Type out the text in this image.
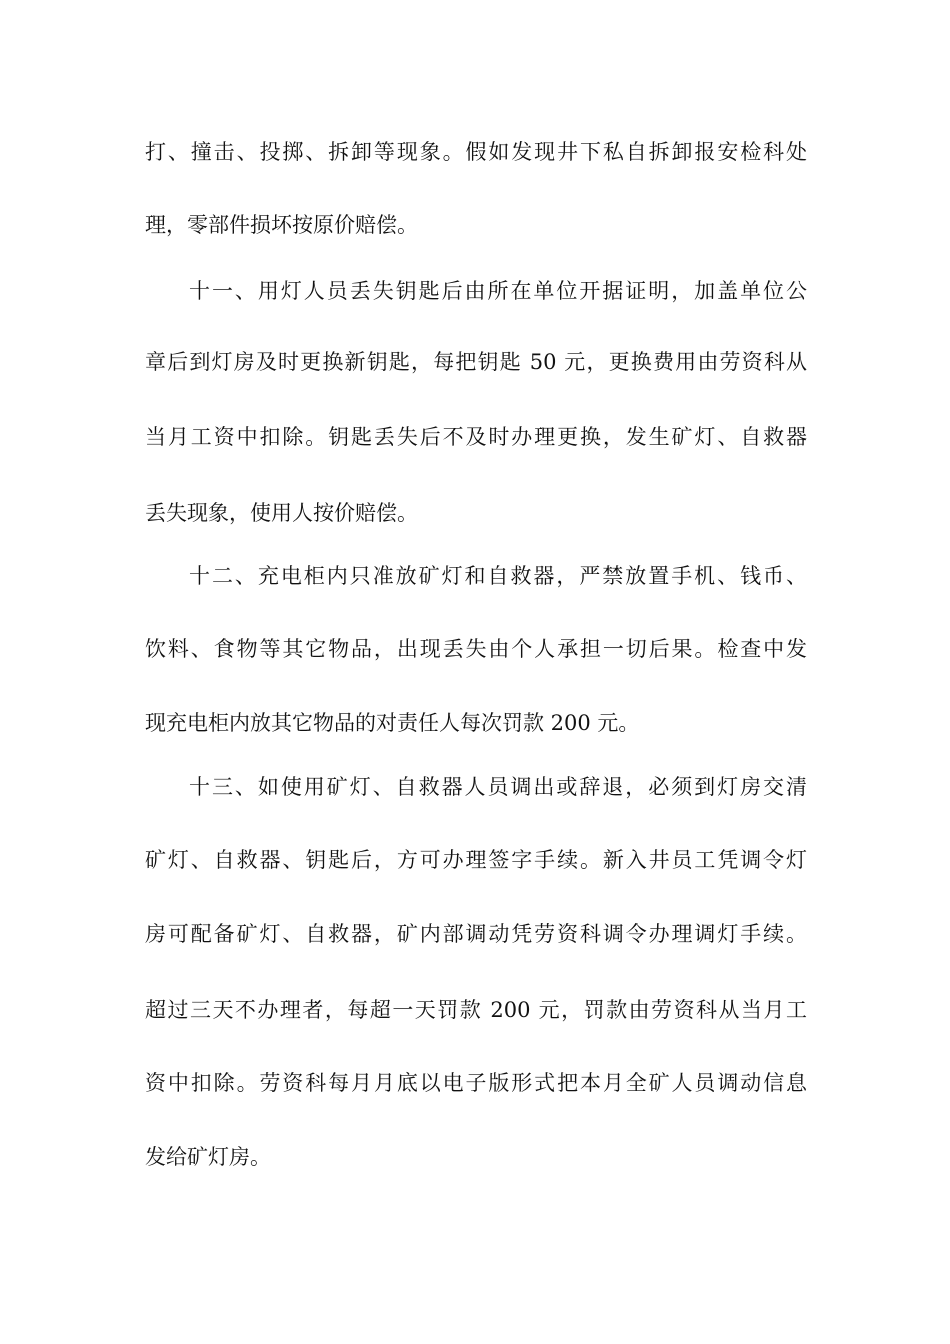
打、撞击、投掷、拆卸等现象。假如发现井下私自拆卸报安检科处
理，零部件损坏按原价赔偿。
十一、用灯人员丢失钥匙后由所在单位开据证明，加盖单位公
章后到灯房及时更换新钥匙，每把钥匙 50 元，更换费用由劳资科从
当月工资中扣除。钥匙丢失后不及时办理更换，发生矿灯、自救器
丢失现象，使用人按价赔偿。
十二、充电柜内只准放矿灯和自救器，严禁放置手机、钱币、
饮料、食物等其它物品，出现丢失由个人承担一切后果。检查中发
现充电柜内放其它物品的对责任人每次罚款 200 元。
十三、如使用矿灯、自救器人员调出或辞退，必须到灯房交清
矿灯、自救器、钥匙后，方可办理签字手续。新入井员工凭调令灯
房可配备矿灯、自救器，矿内部调动凭劳资科调令办理调灯手续。
超过三天不办理者，每超一天罚款 200 元，罚款由劳资科从当月工
资中扣除。劳资科每月月底以电子版形式把本月全矿人员调动信息
发给矿灯房。
